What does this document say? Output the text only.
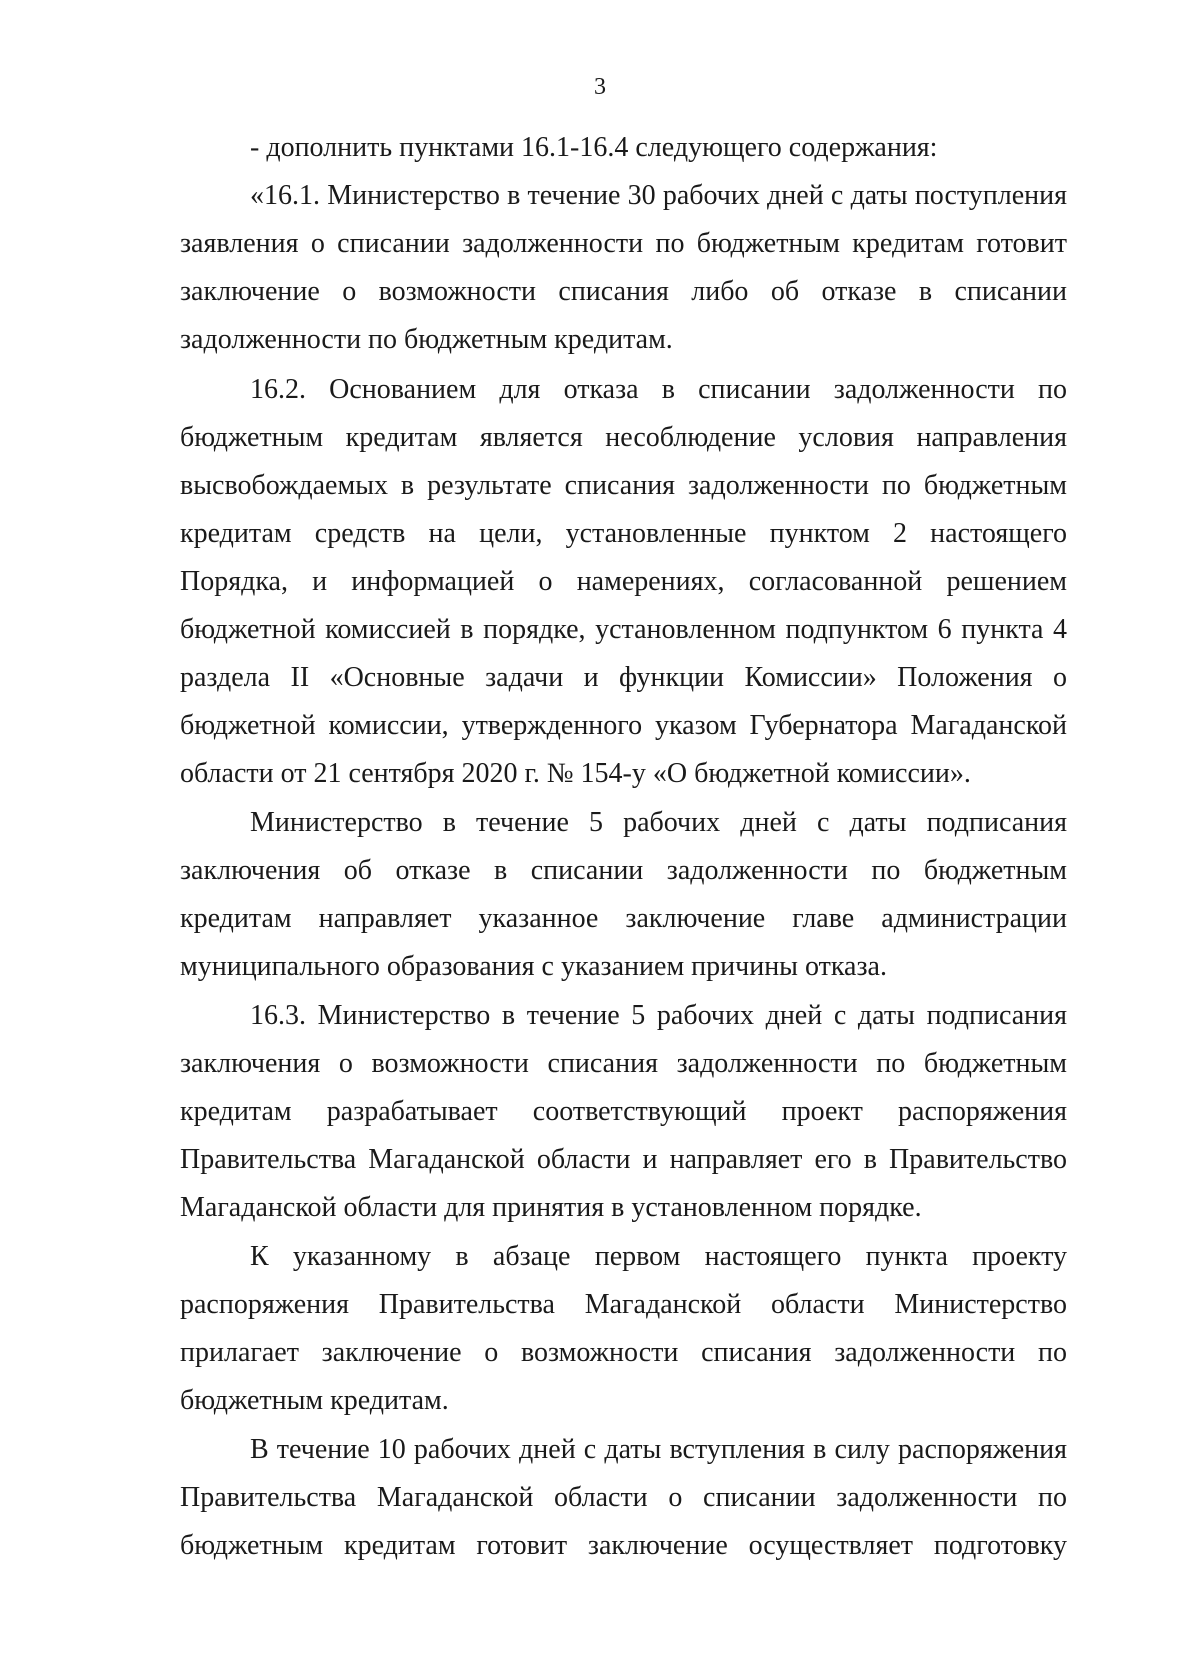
3

- дополнить пунктами 16.1-16.4 следующего содержания:

«16.1. Министерство в течение 30 рабочих дней с даты поступления заявления о списании задолженности по бюджетным кредитам готовит заключение о возможности списания либо об отказе в списании задолженности по бюджетным кредитам.

16.2. Основанием для отказа в списании задолженности по бюджетным кредитам является несоблюдение условия направления высвобождаемых в результате списания задолженности по бюджетным кредитам средств на цели, установленные пунктом 2 настоящего Порядка, и информацией о намерениях, согласованной решением бюджетной комиссией в порядке, установленном подпунктом 6 пункта 4 раздела II «Основные задачи и функции Комиссии» Положения о бюджетной комиссии, утвержденного указом Губернатора Магаданской области от 21 сентября 2020 г. № 154-у «О бюджетной комиссии».

Министерство в течение 5 рабочих дней с даты подписания заключения об отказе в списании задолженности по бюджетным кредитам направляет указанное заключение главе администрации муниципального образования с указанием причины отказа.

16.3. Министерство в течение 5 рабочих дней с даты подписания заключения о возможности списания задолженности по бюджетным кредитам разрабатывает соответствующий проект распоряжения Правительства Магаданской области и направляет его в Правительство Магаданской области для принятия в установленном порядке.

К указанному в абзаце первом настоящего пункта проекту распоряжения Правительства Магаданской области Министерство прилагает заключение о возможности списания задолженности по бюджетным кредитам.

В течение 10 рабочих дней с даты вступления в силу распоряжения Правительства Магаданской области о списании задолженности по бюджетным кредитам готовит заключение осуществляет подготовку
